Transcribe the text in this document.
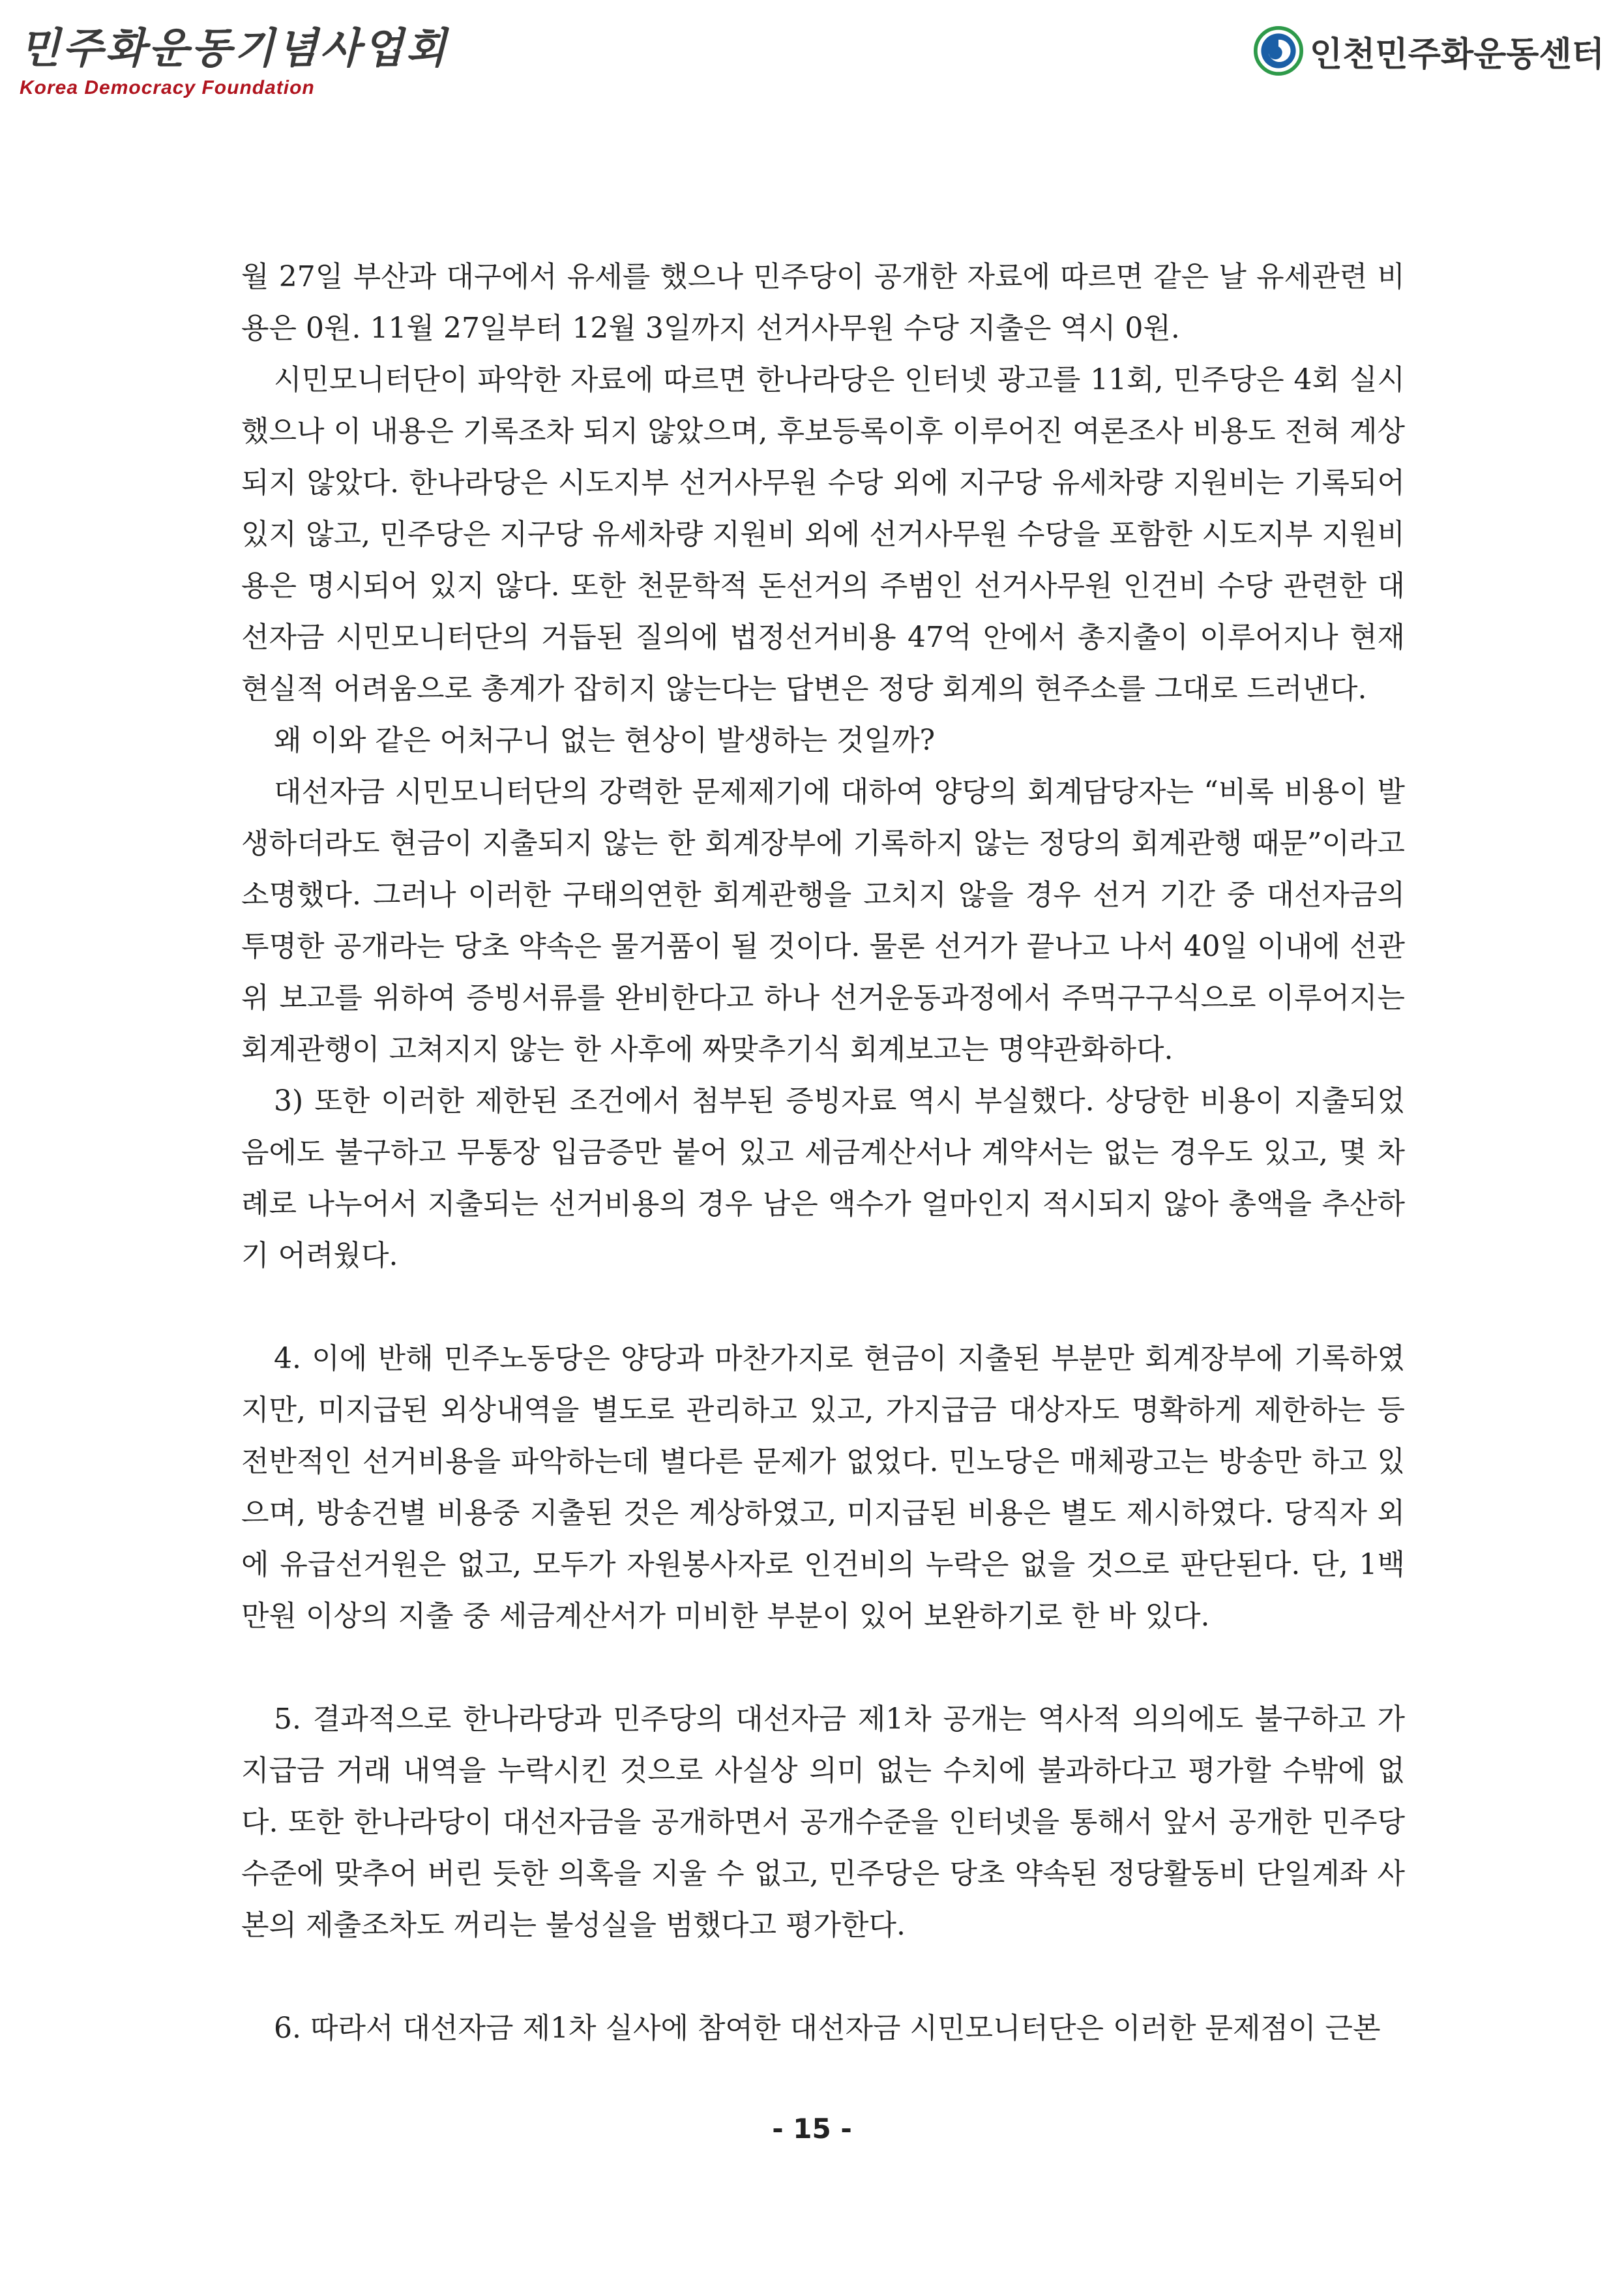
민주화운동기념사업회
Korea Democracy Foundation
인천민주화운동센터

월 27일 부산과 대구에서 유세를 했으나 민주당이 공개한 자료에 따르면 같은 날 유세관련 비용은 0원. 11월 27일부터 12월 3일까지 선거사무원 수당 지출은 역시 0원.

시민모니터단이 파악한 자료에 따르면 한나라당은 인터넷 광고를 11회, 민주당은 4회 실시했으나 이 내용은 기록조차 되지 않았으며, 후보등록이후 이루어진 여론조사 비용도 전혀 계상되지 않았다. 한나라당은 시도지부 선거사무원 수당 외에 지구당 유세차량 지원비는 기록되어 있지 않고, 민주당은 지구당 유세차량 지원비 외에 선거사무원 수당을 포함한 시도지부 지원비용은 명시되어 있지 않다. 또한 천문학적 돈선거의 주범인 선거사무원 인건비 수당 관련한 대선자금 시민모니터단의 거듭된 질의에 법정선거비용 47억 안에서 총지출이 이루어지나 현재 현실적 어려움으로 총계가 잡히지 않는다는 답변은 정당 회계의 현주소를 그대로 드러낸다.

왜 이와 같은 어처구니 없는 현상이 발생하는 것일까?

대선자금 시민모니터단의 강력한 문제제기에 대하여 양당의 회계담당자는 “비록 비용이 발생하더라도 현금이 지출되지 않는 한 회계장부에 기록하지 않는 정당의 회계관행 때문”이라고 소명했다. 그러나 이러한 구태의연한 회계관행을 고치지 않을 경우 선거 기간 중 대선자금의 투명한 공개라는 당초 약속은 물거품이 될 것이다. 물론 선거가 끝나고 나서 40일 이내에 선관위 보고를 위하여 증빙서류를 완비한다고 하나 선거운동과정에서 주먹구구식으로 이루어지는 회계관행이 고쳐지지 않는 한 사후에 짜맞추기식 회계보고는 명약관화하다.

3) 또한 이러한 제한된 조건에서 첨부된 증빙자료 역시 부실했다. 상당한 비용이 지출되었음에도 불구하고 무통장 입금증만 붙어 있고 세금계산서나 계약서는 없는 경우도 있고, 몇 차례로 나누어서 지출되는 선거비용의 경우 남은 액수가 얼마인지 적시되지 않아 총액을 추산하기 어려웠다.

4. 이에 반해 민주노동당은 양당과 마찬가지로 현금이 지출된 부분만 회계장부에 기록하였지만, 미지급된 외상내역을 별도로 관리하고 있고, 가지급금 대상자도 명확하게 제한하는 등 전반적인 선거비용을 파악하는데 별다른 문제가 없었다. 민노당은 매체광고는 방송만 하고 있으며, 방송건별 비용중 지출된 것은 계상하였고, 미지급된 비용은 별도 제시하였다. 당직자 외에 유급선거원은 없고, 모두가 자원봉사자로 인건비의 누락은 없을 것으로 판단된다. 단, 1백만원 이상의 지출 중 세금계산서가 미비한 부분이 있어 보완하기로 한 바 있다.

5. 결과적으로 한나라당과 민주당의 대선자금 제1차 공개는 역사적 의의에도 불구하고 가지급금 거래 내역을 누락시킨 것으로 사실상 의미 없는 수치에 불과하다고 평가할 수밖에 없다. 또한 한나라당이 대선자금을 공개하면서 공개수준을 인터넷을 통해서 앞서 공개한 민주당 수준에 맞추어 버린 듯한 의혹을 지울 수 없고, 민주당은 당초 약속된 정당활동비 단일계좌 사본의 제출조차도 꺼리는 불성실을 범했다고 평가한다.

6. 따라서 대선자금 제1차 실사에 참여한 대선자금 시민모니터단은 이러한 문제점이 근본

- 15 -
